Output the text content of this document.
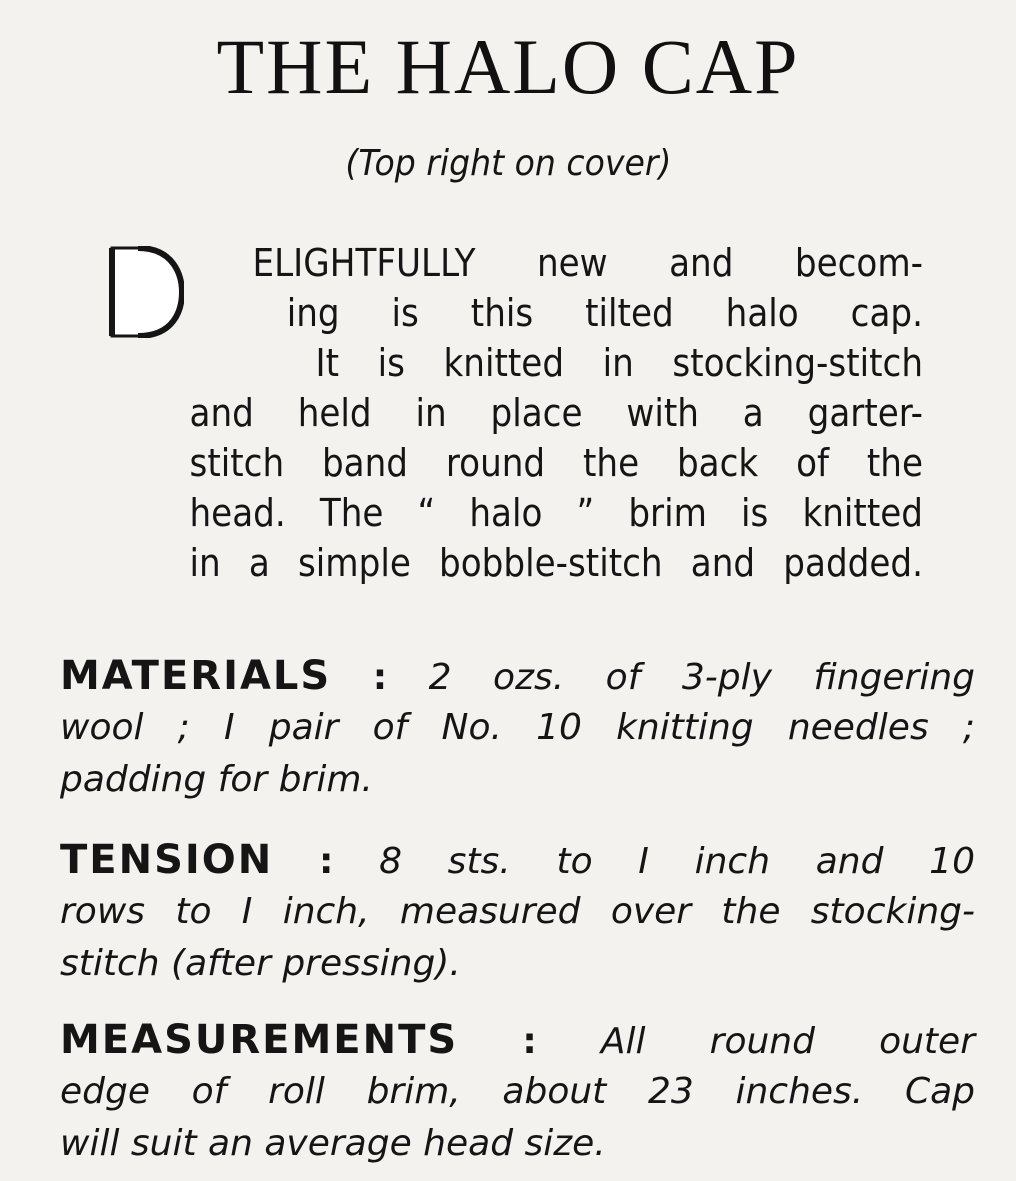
THE HALO CAP
(Top right on cover)
ELIGHTFULLY new and becom-
ing is this tilted halo cap.
It is knitted in stocking-stitch
and held in place with a garter-
stitch band round the back of the
head. The “ halo ” brim is knitted
in a simple bobble-stitch and padded.
MATERIALS : 2 ozs. of 3-ply fingering
wool ; I pair of No. 10 knitting needles ;
padding for brim.
TENSION : 8 sts. to I inch and 10
rows to I inch, measured over the stocking-
stitch (after pressing).
MEASUREMENTS : All round outer
edge of roll brim, about 23 inches. Cap
will suit an average head size.
